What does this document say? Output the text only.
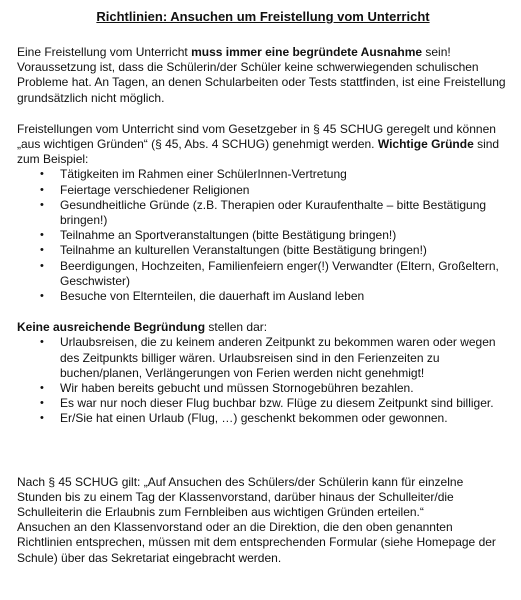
Richtlinien: Ansuchen um Freistellung vom Unterricht

Eine Freistellung vom Unterricht muss immer eine begründete Ausnahme sein! Voraussetzung ist, dass die Schülerin/der Schüler keine schwerwiegenden schulischen Probleme hat. An Tagen, an denen Schularbeiten oder Tests stattfinden, ist eine Freistellung grundsätzlich nicht möglich.

Freistellungen vom Unterricht sind vom Gesetzgeber in § 45 SCHUG geregelt und können „aus wichtigen Gründen“ (§ 45, Abs. 4 SCHUG) genehmigt werden. Wichtige Gründe sind zum Beispiel:

• Tätigkeiten im Rahmen einer SchülerInnen-Vertretung
• Feiertage verschiedener Religionen
• Gesundheitliche Gründe (z.B. Therapien oder Kuraufenthalte – bitte Bestätigung bringen!)
• Teilnahme an Sportveranstaltungen (bitte Bestätigung bringen!)
• Teilnahme an kulturellen Veranstaltungen (bitte Bestätigung bringen!)
• Beerdigungen, Hochzeiten, Familienfeiern enger(!) Verwandter (Eltern, Großeltern, Geschwister)
• Besuche von Elternteilen, die dauerhaft im Ausland leben

Keine ausreichende Begründung stellen dar:

• Urlaubsreisen, die zu keinem anderen Zeitpunkt zu bekommen waren oder wegen des Zeitpunkts billiger wären. Urlaubsreisen sind in den Ferienzeiten zu buchen/planen, Verlängerungen von Ferien werden nicht genehmigt!
• Wir haben bereits gebucht und müssen Stornogebühren bezahlen.
• Es war nur noch dieser Flug buchbar bzw. Flüge zu diesem Zeitpunkt sind billiger.
• Er/Sie hat einen Urlaub (Flug, …) geschenkt bekommen oder gewonnen.

Nach § 45 SCHUG gilt: „Auf Ansuchen des Schülers/der Schülerin kann für einzelne Stunden bis zu einem Tag der Klassenvorstand, darüber hinaus der Schulleiter/die Schulleiterin die Erlaubnis zum Fernbleiben aus wichtigen Gründen erteilen.“

Ansuchen an den Klassenvorstand oder an die Direktion, die den oben genannten Richtlinien entsprechen, müssen mit dem entsprechenden Formular (siehe Homepage der Schule) über das Sekretariat eingebracht werden.
